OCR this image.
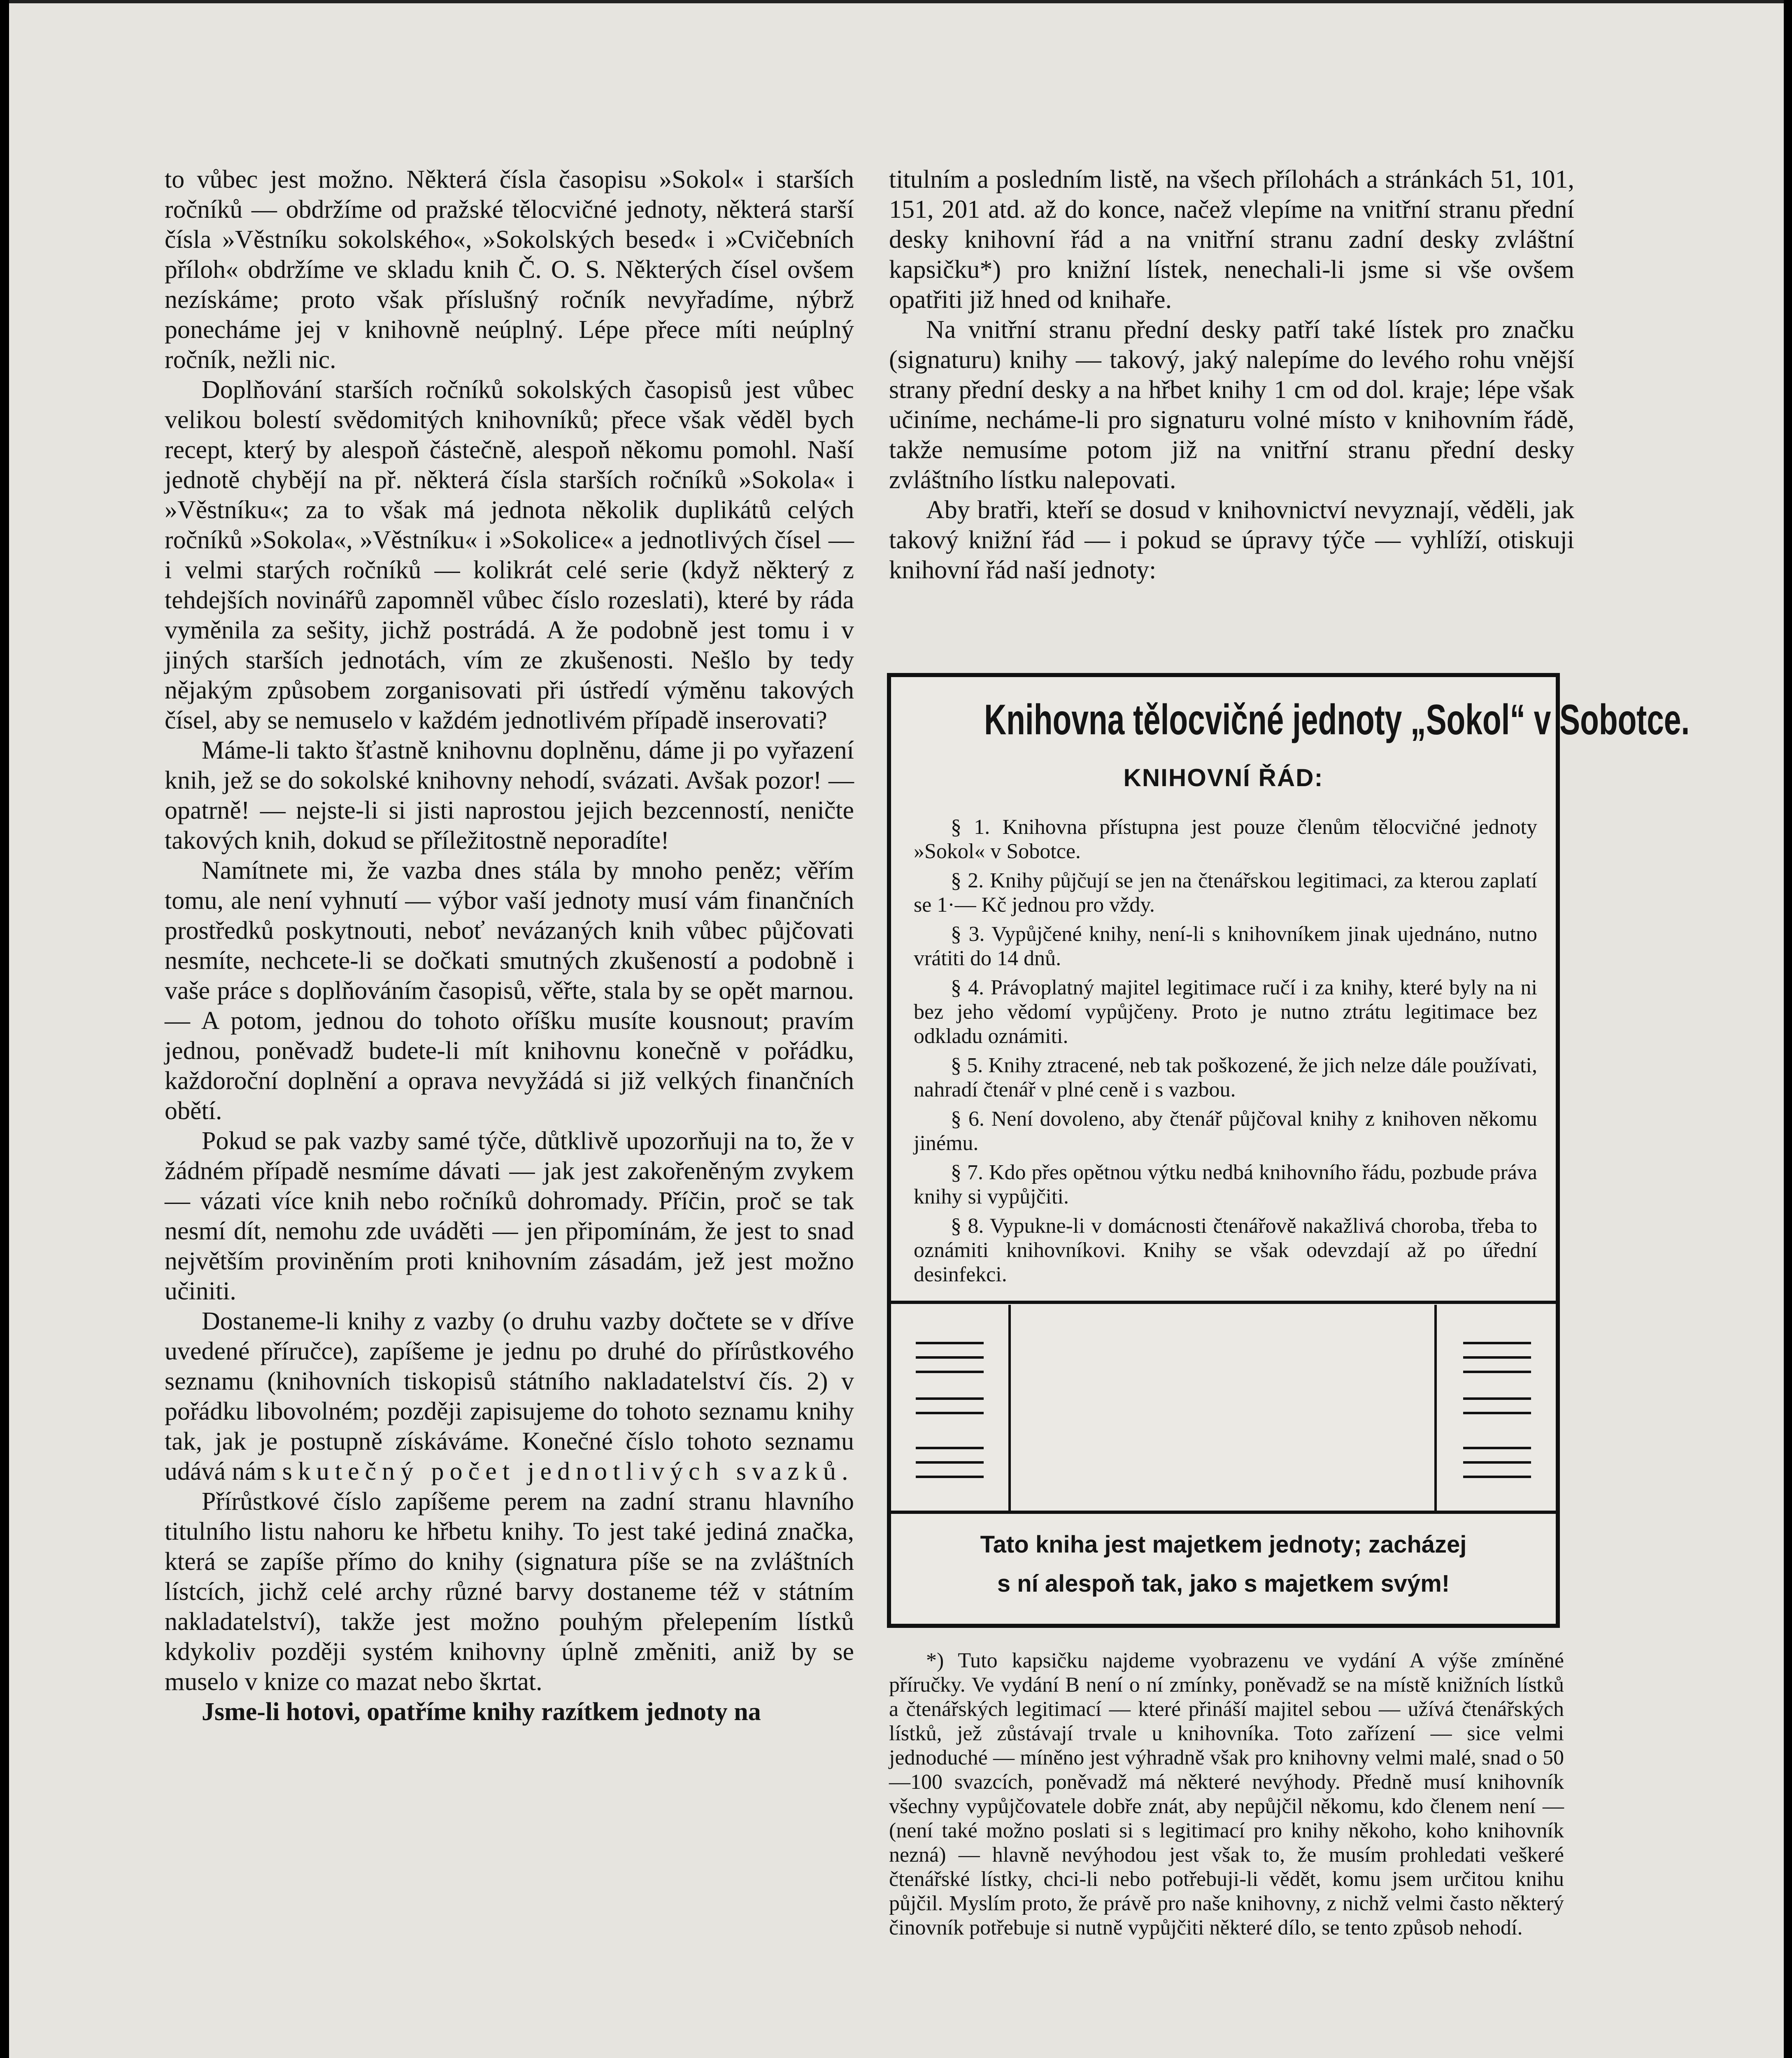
to vůbec jest možno. Některá čísla časopisu »Sokol« i starších ročníků — obdržíme od pražské tělocvičné jednoty, některá starší čísla »Věstníku sokolského«, »Sokolských besed« i »Cvičebních příloh« obdržíme ve skladu knih Č. O. S. Některých čísel ovšem nezískáme; proto však příslušný ročník nevyřadíme, nýbrž ponecháme jej v knihovně neúplný. Lépe přece míti neúplný ročník, nežli nic.

Doplňování starších ročníků sokolských časopisů jest vůbec velikou bolestí svědomitých knihovníků; přece však věděl bych recept, který by alespoň částečně, alespoň někomu pomohl. Naší jednotě chybějí na př. některá čísla starších ročníků »Sokola« i »Věstníku«; za to však má jednota několik duplikátů celých ročníků »Sokola«, »Věstníku« i »Sokolice« a jednotlivých čísel — i velmi starých ročníků — kolikrát celé serie (když některý z tehdejších novinářů zapomněl vůbec číslo rozeslati), které by ráda vyměnila za sešity, jichž postrádá. A že podobně jest tomu i v jiných starších jednotách, vím ze zkušenosti. Nešlo by tedy nějakým způsobem zorganisovati při ústředí výměnu takových čísel, aby se nemuselo v každém jednotlivém případě inserovati?

Máme-li takto šťastně knihovnu doplněnu, dáme ji po vyřazení knih, jež se do sokolské knihovny nehodí, svázati. Avšak pozor! — opatrně! — nejste-li si jisti naprostou jejich bezcenností, neničte takových knih, dokud se příležitostně neporadíte!

Namítnete mi, že vazba dnes stála by mnoho peněz; věřím tomu, ale není vyhnutí — výbor vaší jednoty musí vám finančních prostředků poskytnouti, neboť nevázaných knih vůbec půjčovati nesmíte, nechcete-li se dočkati smutných zkušeností a podobně i vaše práce s doplňováním časopisů, věřte, stala by se opět marnou. — A potom, jednou do tohoto oříšku musíte kousnout; pravím jednou, poněvadž budete-li mít knihovnu konečně v pořádku, každoroční doplnění a oprava nevyžádá si již velkých finančních obětí.

Pokud se pak vazby samé týče, důtklivě upozorňuji na to, že v žádném případě nesmíme dávati — jak jest zakořeněným zvykem — vázati více knih nebo ročníků dohromady. Příčin, proč se tak nesmí dít, nemohu zde uváděti — jen připomínám, že jest to snad největším proviněním proti knihovním zásadám, jež jest možno učiniti.

Dostaneme-li knihy z vazby (o druhu vazby dočtete se v dříve uvedené příručce), zapíšeme je jednu po druhé do přírůstkového seznamu (knihovních tiskopisů státního nakladatelství čís. 2) v pořádku libovolném; později zapisujeme do tohoto seznamu knihy tak, jak je postupně získáváme. Konečné číslo tohoto seznamu udává nám skutečný počet jednotlivých svazků.

Přírůstkové číslo zapíšeme perem na zadní stranu hlavního titulního listu nahoru ke hřbetu knihy. To jest také jediná značka, která se zapíše přímo do knihy (signatura píše se na zvláštních lístcích, jichž celé archy různé barvy dostaneme též v státním nakladatelství), takže jest možno pouhým přelepením lístků kdykoliv později systém knihovny úplně změniti, aniž by se muselo v knize co mazat nebo škrtat.

Jsme-li hotovi, opatříme knihy razítkem jednoty na

titulním a posledním listě, na všech přílohách a stránkách 51, 101, 151, 201 atd. až do konce, načež vlepíme na vnitřní stranu přední desky knihovní řád a na vnitřní stranu zadní desky zvláštní kapsičku*) pro knižní lístek, nenechali-li jsme si vše ovšem opatřiti již hned od knihaře.

Na vnitřní stranu přední desky patří také lístek pro značku (signaturu) knihy — takový, jaký nalepíme do levého rohu vnější strany přední desky a na hřbet knihy 1 cm od dol. kraje; lépe však učiníme, necháme-li pro signaturu volné místo v knihovním řádě, takže nemusíme potom již na vnitřní stranu přední desky zvláštního lístku nalepovati.

Aby bratři, kteří se dosud v knihovnictví nevyznají, věděli, jak takový knižní řád — i pokud se úpravy týče — vyhlíží, otiskuji knihovní řád naší jednoty:

Knihovna tělocvičné jednoty „Sokol“ v Sobotce.
KNIHOVNÍ ŘÁD:

§ 1. Knihovna přístupna jest pouze členům tělocvičné jednoty »Sokol« v Sobotce.

§ 2. Knihy půjčují se jen na čtenářskou legitimaci, za kterou zaplatí se 1·— Kč jednou pro vždy.

§ 3. Vypůjčené knihy, není-li s knihovníkem jinak ujednáno, nutno vrátiti do 14 dnů.

§ 4. Právoplatný majitel legitimace ručí i za knihy, které byly na ni bez jeho vědomí vypůjčeny. Proto je nutno ztrátu legitimace bez odkladu oznámiti.

§ 5. Knihy ztracené, neb tak poškozené, že jich nelze dále používati, nahradí čtenář v plné ceně i s vazbou.

§ 6. Není dovoleno, aby čtenář půjčoval knihy z knihoven někomu jinému.

§ 7. Kdo přes opětnou výtku nedbá knihovního řádu, pozbude práva knihy si vypůjčiti.

§ 8. Vypukne-li v domácnosti čtenářově nakažlivá choroba, třeba to oznámiti knihovníkovi. Knihy se však odevzdají až po úřední desinfekci.

Tato kniha jest majetkem jednoty; zacházej
s ní alespoň tak, jako s majetkem svým!

*) Tuto kapsičku najdeme vyobrazenu ve vydání A výše zmíněné příručky. Ve vydání B není o ní zmínky, poněvadž se na místě knižních lístků a čtenářských legitimací — které přináší majitel sebou — užívá čtenářských lístků, jež zůstávají trvale u knihovníka. Toto zařízení — sice velmi jednoduché — míněno jest výhradně však pro knihovny velmi malé, snad o 50—100 svazcích, poněvadž má některé nevýhody. Předně musí knihovník všechny vypůjčovatele dobře znát, aby nepůjčil někomu, kdo členem není — (není také možno poslati si s legitimací pro knihy někoho, koho knihovník nezná) — hlavně nevýhodou jest však to, že musím prohledati veškeré čtenářské lístky, chci-li nebo potřebuji-li vědět, komu jsem určitou knihu půjčil. Myslím proto, že právě pro naše knihovny, z nichž velmi často některý činovník potřebuje si nutně vypůjčiti některé dílo, se tento způsob nehodí.
